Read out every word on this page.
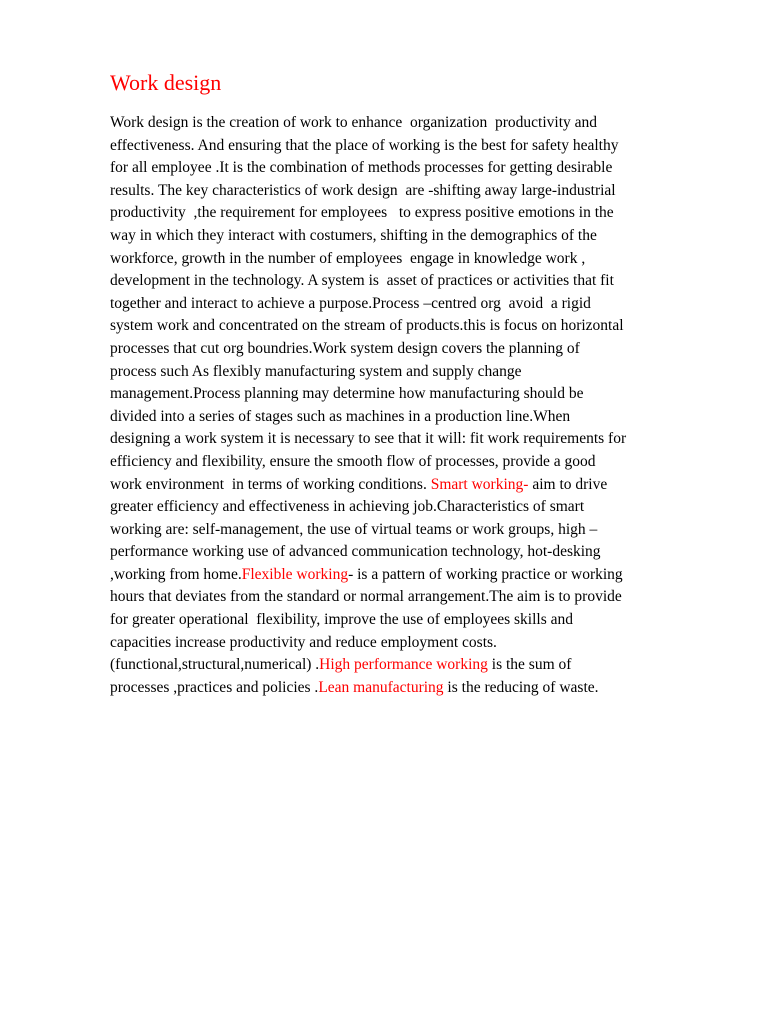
Work design
Work design is the creation of work to enhance  organization  productivity and
effectiveness. And ensuring that the place of working is the best for safety healthy
for all employee .It is the combination of methods processes for getting desirable
results. The key characteristics of work design  are -shifting away large-industrial
productivity  ,the requirement for employees   to express positive emotions in the
way in which they interact with costumers, shifting in the demographics of the
workforce, growth in the number of employees  engage in knowledge work ,
development in the technology. A system is  asset of practices or activities that fit
together and interact to achieve a purpose.Process –centred org  avoid  a rigid
system work and concentrated on the stream of products.this is focus on horizontal
processes that cut org boundries.Work system design covers the planning of
process such As flexibly manufacturing system and supply change
management.Process planning may determine how manufacturing should be
divided into a series of stages such as machines in a production line.When
designing a work system it is necessary to see that it will: fit work requirements for
efficiency and flexibility, ensure the smooth flow of processes, provide a good
work environment  in terms of working conditions. Smart working- aim to drive
greater efficiency and effectiveness in achieving job.Characteristics of smart
working are: self-management, the use of virtual teams or work groups, high –
performance working use of advanced communication technology, hot-desking
,working from home.Flexible working- is a pattern of working practice or working
hours that deviates from the standard or normal arrangement.The aim is to provide
for greater operational  flexibility, improve the use of employees skills and
capacities increase productivity and reduce employment costs.
(functional,structural,numerical) .High performance working is the sum of
processes ,practices and policies .Lean manufacturing is the reducing of waste.
